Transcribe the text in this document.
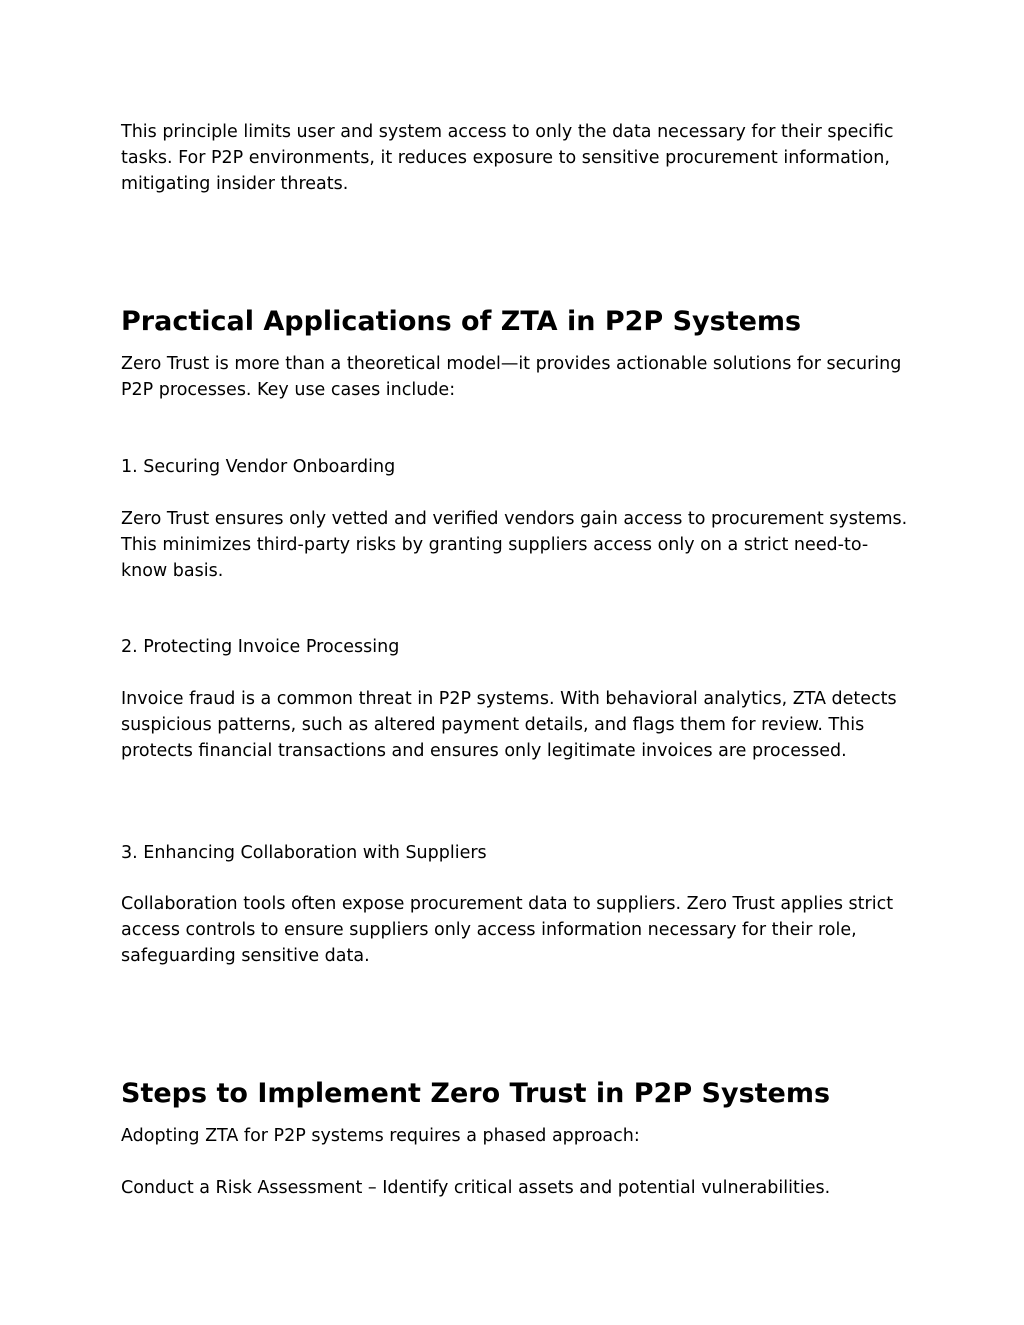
This principle limits user and system access to only the data necessary for their specific tasks. For P2P environments, it reduces exposure to sensitive procurement information, mitigating insider threats.

Practical Applications of ZTA in P2P Systems

Zero Trust is more than a theoretical model—it provides actionable solutions for securing P2P processes. Key use cases include:

1. Securing Vendor Onboarding

Zero Trust ensures only vetted and verified vendors gain access to procurement systems. This minimizes third-party risks by granting suppliers access only on a strict need-to-know basis.

2. Protecting Invoice Processing

Invoice fraud is a common threat in P2P systems. With behavioral analytics, ZTA detects suspicious patterns, such as altered payment details, and flags them for review. This protects financial transactions and ensures only legitimate invoices are processed.

3. Enhancing Collaboration with Suppliers

Collaboration tools often expose procurement data to suppliers. Zero Trust applies strict access controls to ensure suppliers only access information necessary for their role, safeguarding sensitive data.

Steps to Implement Zero Trust in P2P Systems

Adopting ZTA for P2P systems requires a phased approach:

Conduct a Risk Assessment – Identify critical assets and potential vulnerabilities.
